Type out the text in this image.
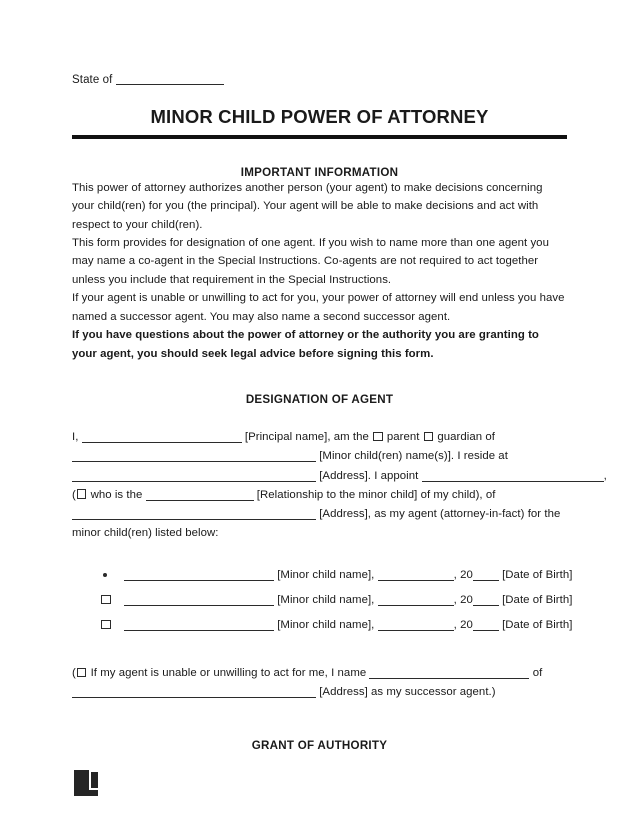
State of
MINOR CHILD POWER OF ATTORNEY
IMPORTANT INFORMATION

This power of attorney authorizes another person (your agent) to make decisions concerning your child(ren) for you (the principal). Your agent will be able to make decisions and act with respect to your child(ren).

This form provides for designation of one agent. If you wish to name more than one agent you may name a co-agent in the Special Instructions. Co-agents are not required to act together unless you include that requirement in the Special Instructions.

If your agent is unable or unwilling to act for you, your power of attorney will end unless you have named a successor agent. You may also name a second successor agent.

If you have questions about the power of attorney or the authority you are granting to your agent, you should seek legal advice before signing this form.

DESIGNATION OF AGENT
I,	[Principal name], am the parent guardian of
[Minor child(ren) name(s)]. I reside at
[Address]. I appoint	,
( who is the	[Relationship to the minor child] of my child), of
[Address], as my agent (attorney-in-fact) for the minor child(ren) listed below:
[Minor child name],	, 20	[Date of Birth]
[Minor child name],	, 20	[Date of Birth]
[Minor child name],	, 20	[Date of Birth]
( If my agent is unable or unwilling to act for me, I name	of
[Address] as my successor agent.)
GRANT OF AUTHORITY
